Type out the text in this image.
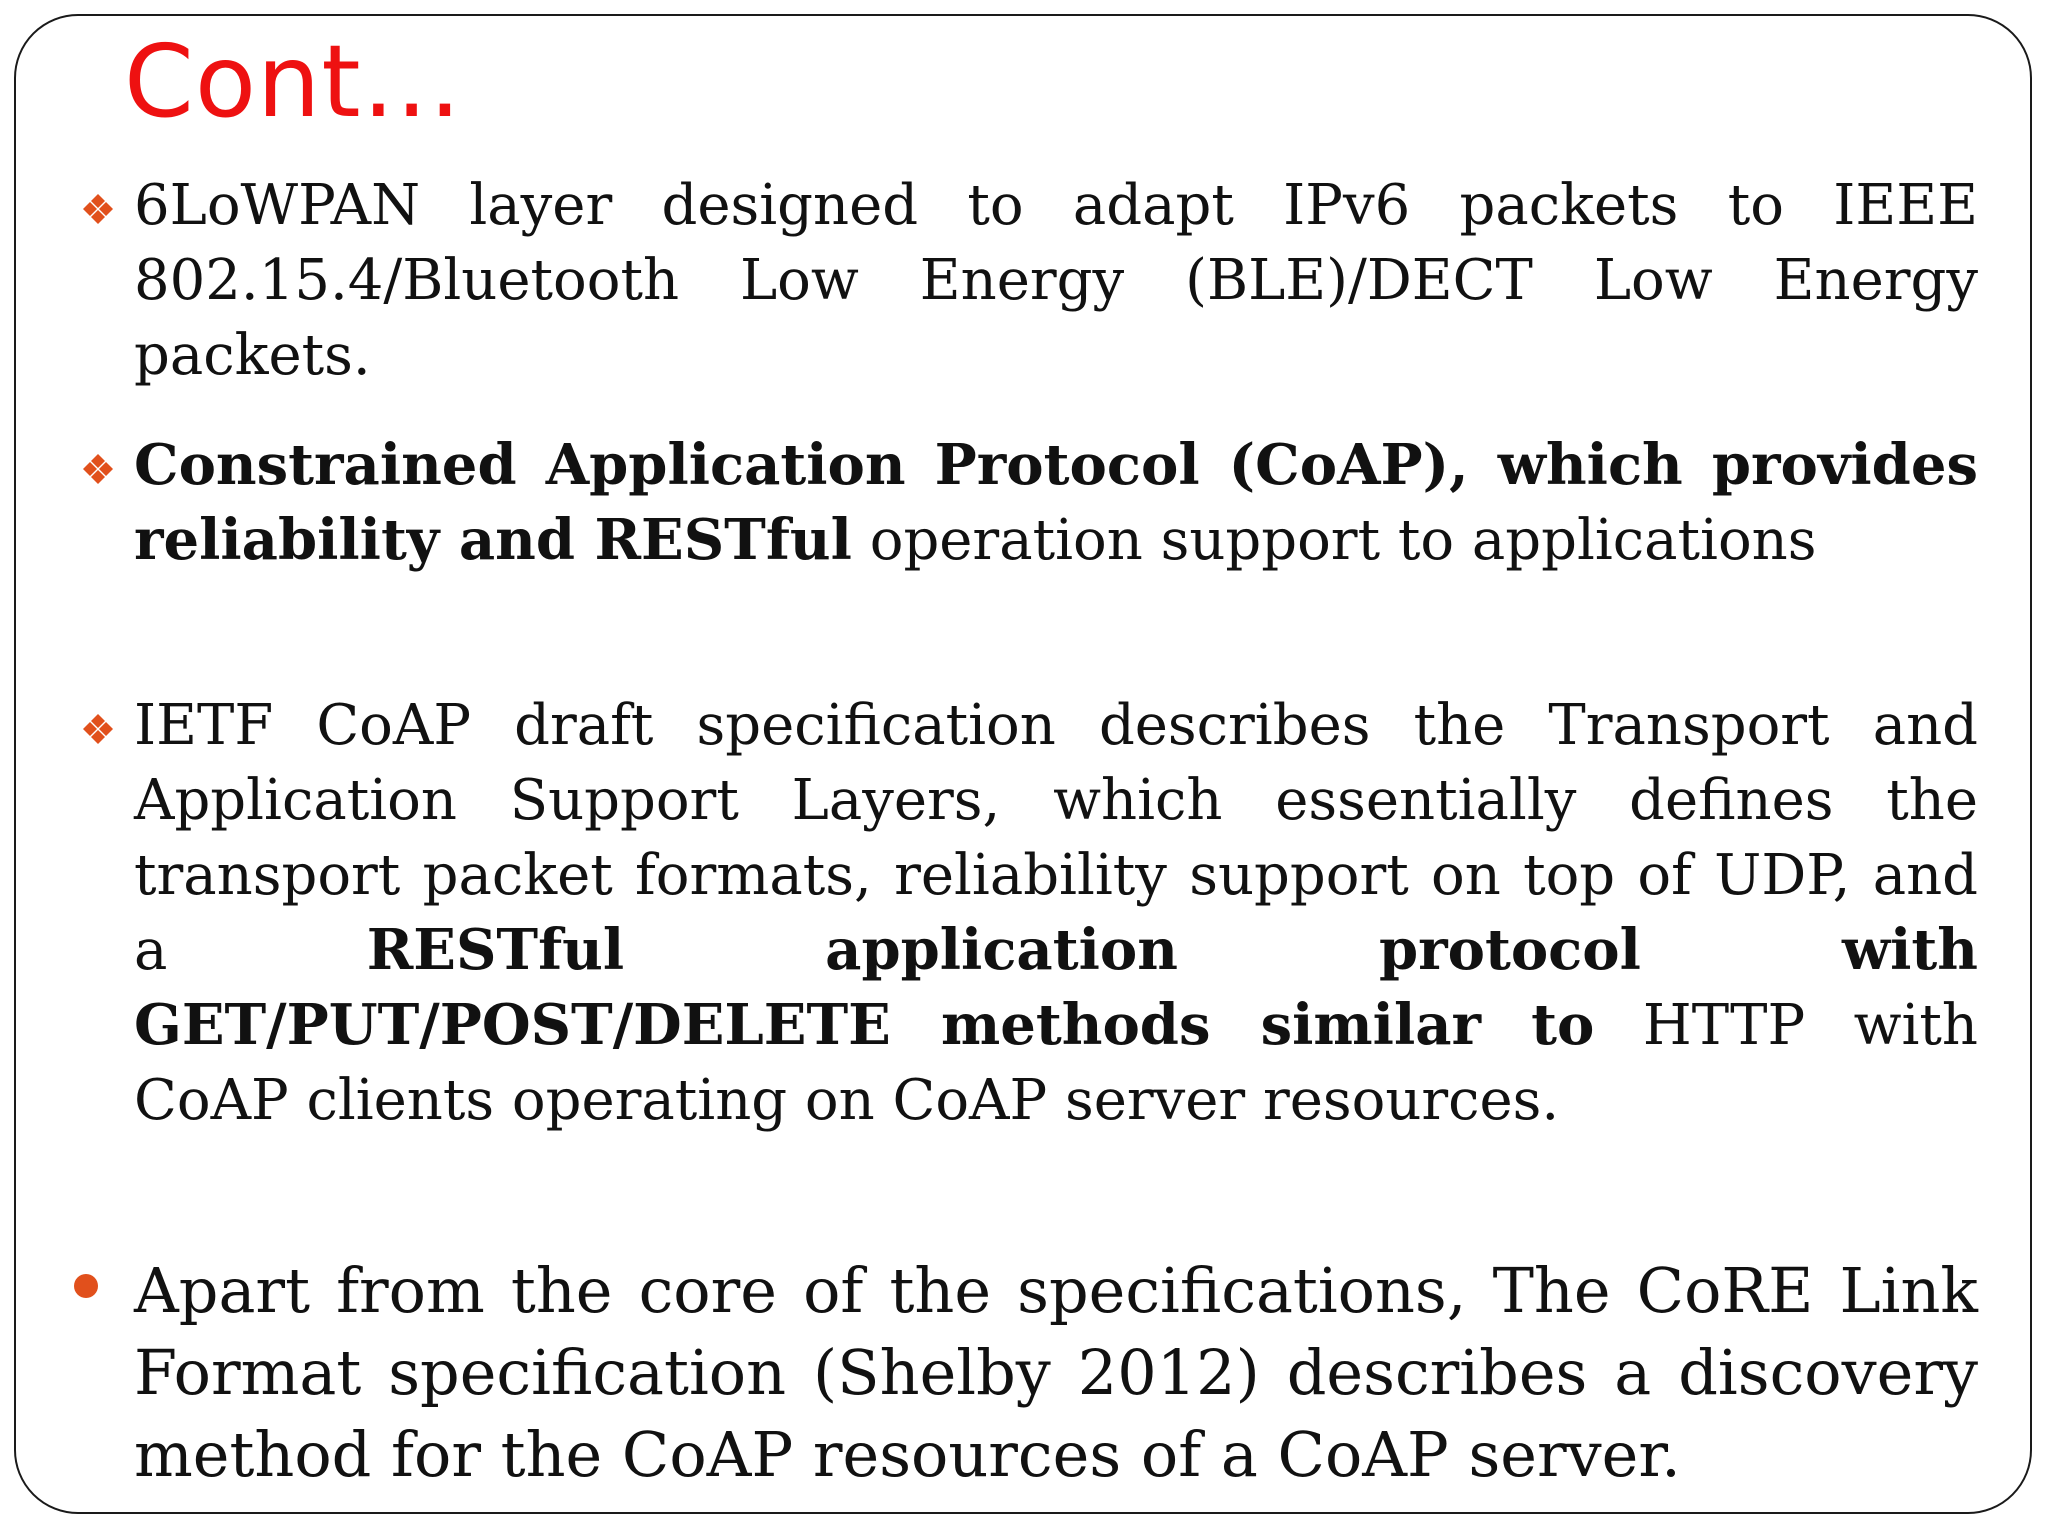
Cont…
6LoWPAN layer designed to adapt IPv6 packets to IEEE 802.15.4/Bluetooth Low Energy (BLE)/DECT Low Energy packets.
Constrained Application Protocol (CoAP), which provides reliability and RESTful operation support to applications
IETF CoAP draft specification describes the Transport and Application Support Layers, which essentially defines the transport packet formats, reliability support on top of UDP, and a RESTful application protocol with GET/PUT/POST/DELETE methods similar to HTTP with CoAP clients operating on CoAP server resources.
Apart from the core of the specifications, The CoRE Link Format specification (Shelby 2012) describes a discovery method for the CoAP resources of a CoAP server.
